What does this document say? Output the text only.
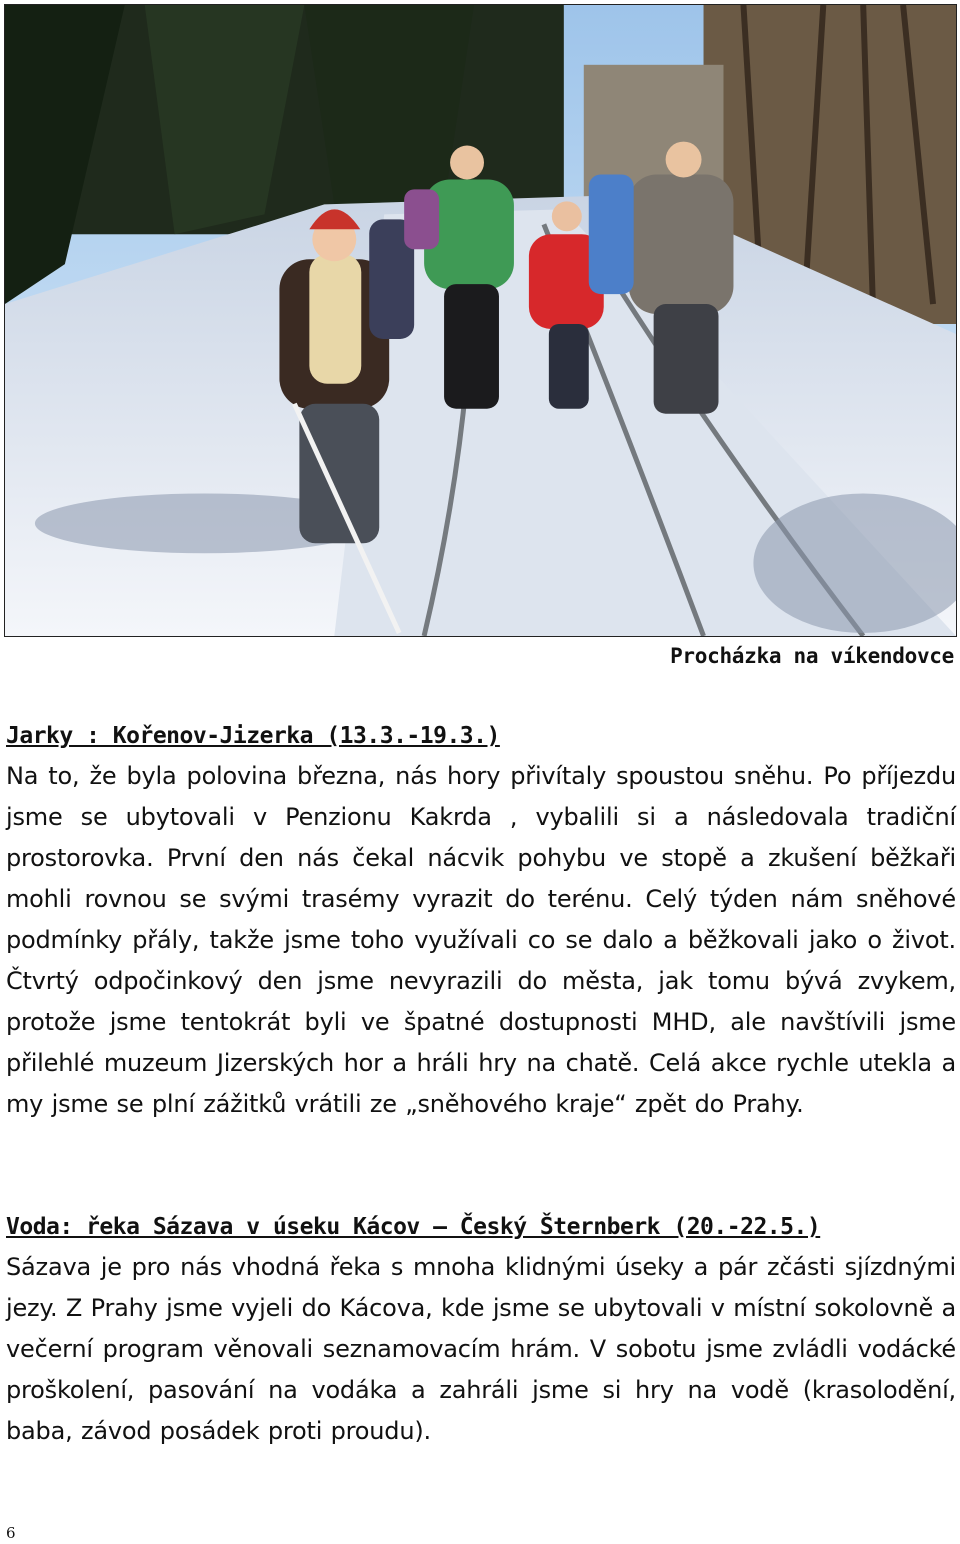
Procházka na víkendovce
Jarky : Kořenov-Jizerka (13.3.-19.3.)

Na to, že byla polovina března, nás hory přivítaly spoustou sněhu. Po příjezdu jsme se ubytovali v Penzionu Kakrda , vybalili si a následovala tradiční prostorovka. První den nás čekal nácvik pohybu ve stopě a zkušení běžkaři mohli rovnou se svými trasémy vyrazit do terénu. Celý týden nám sněhové podmínky přály, takže jsme toho využívali co se dalo a běžkovali jako o život. Čtvrtý odpočinkový den jsme nevyrazili do města, jak tomu bývá zvykem, protože jsme tentokrát byli ve špatné dostupnosti MHD, ale navštívili jsme přilehlé muzeum Jizerských hor a hráli hry na chatě. Celá akce rychle utekla a my jsme se plní zážitků vrátili ze „sněhového kraje“ zpět do Prahy.

Voda: řeka Sázava v úseku Kácov – Český Šternberk (20.-22.5.)

Sázava je pro nás vhodná řeka s mnoha klidnými úseky a pár zčásti sjízdnými jezy. Z Prahy jsme vyjeli do Kácova, kde jsme se ubytovali v místní sokolovně a večerní program věnovali seznamovacím hrám. V sobotu jsme zvládli vodácké proškolení, pasování na vodáka a zahráli jsme si hry na vodě (krasolodění, baba, závod posádek proti proudu).

6
